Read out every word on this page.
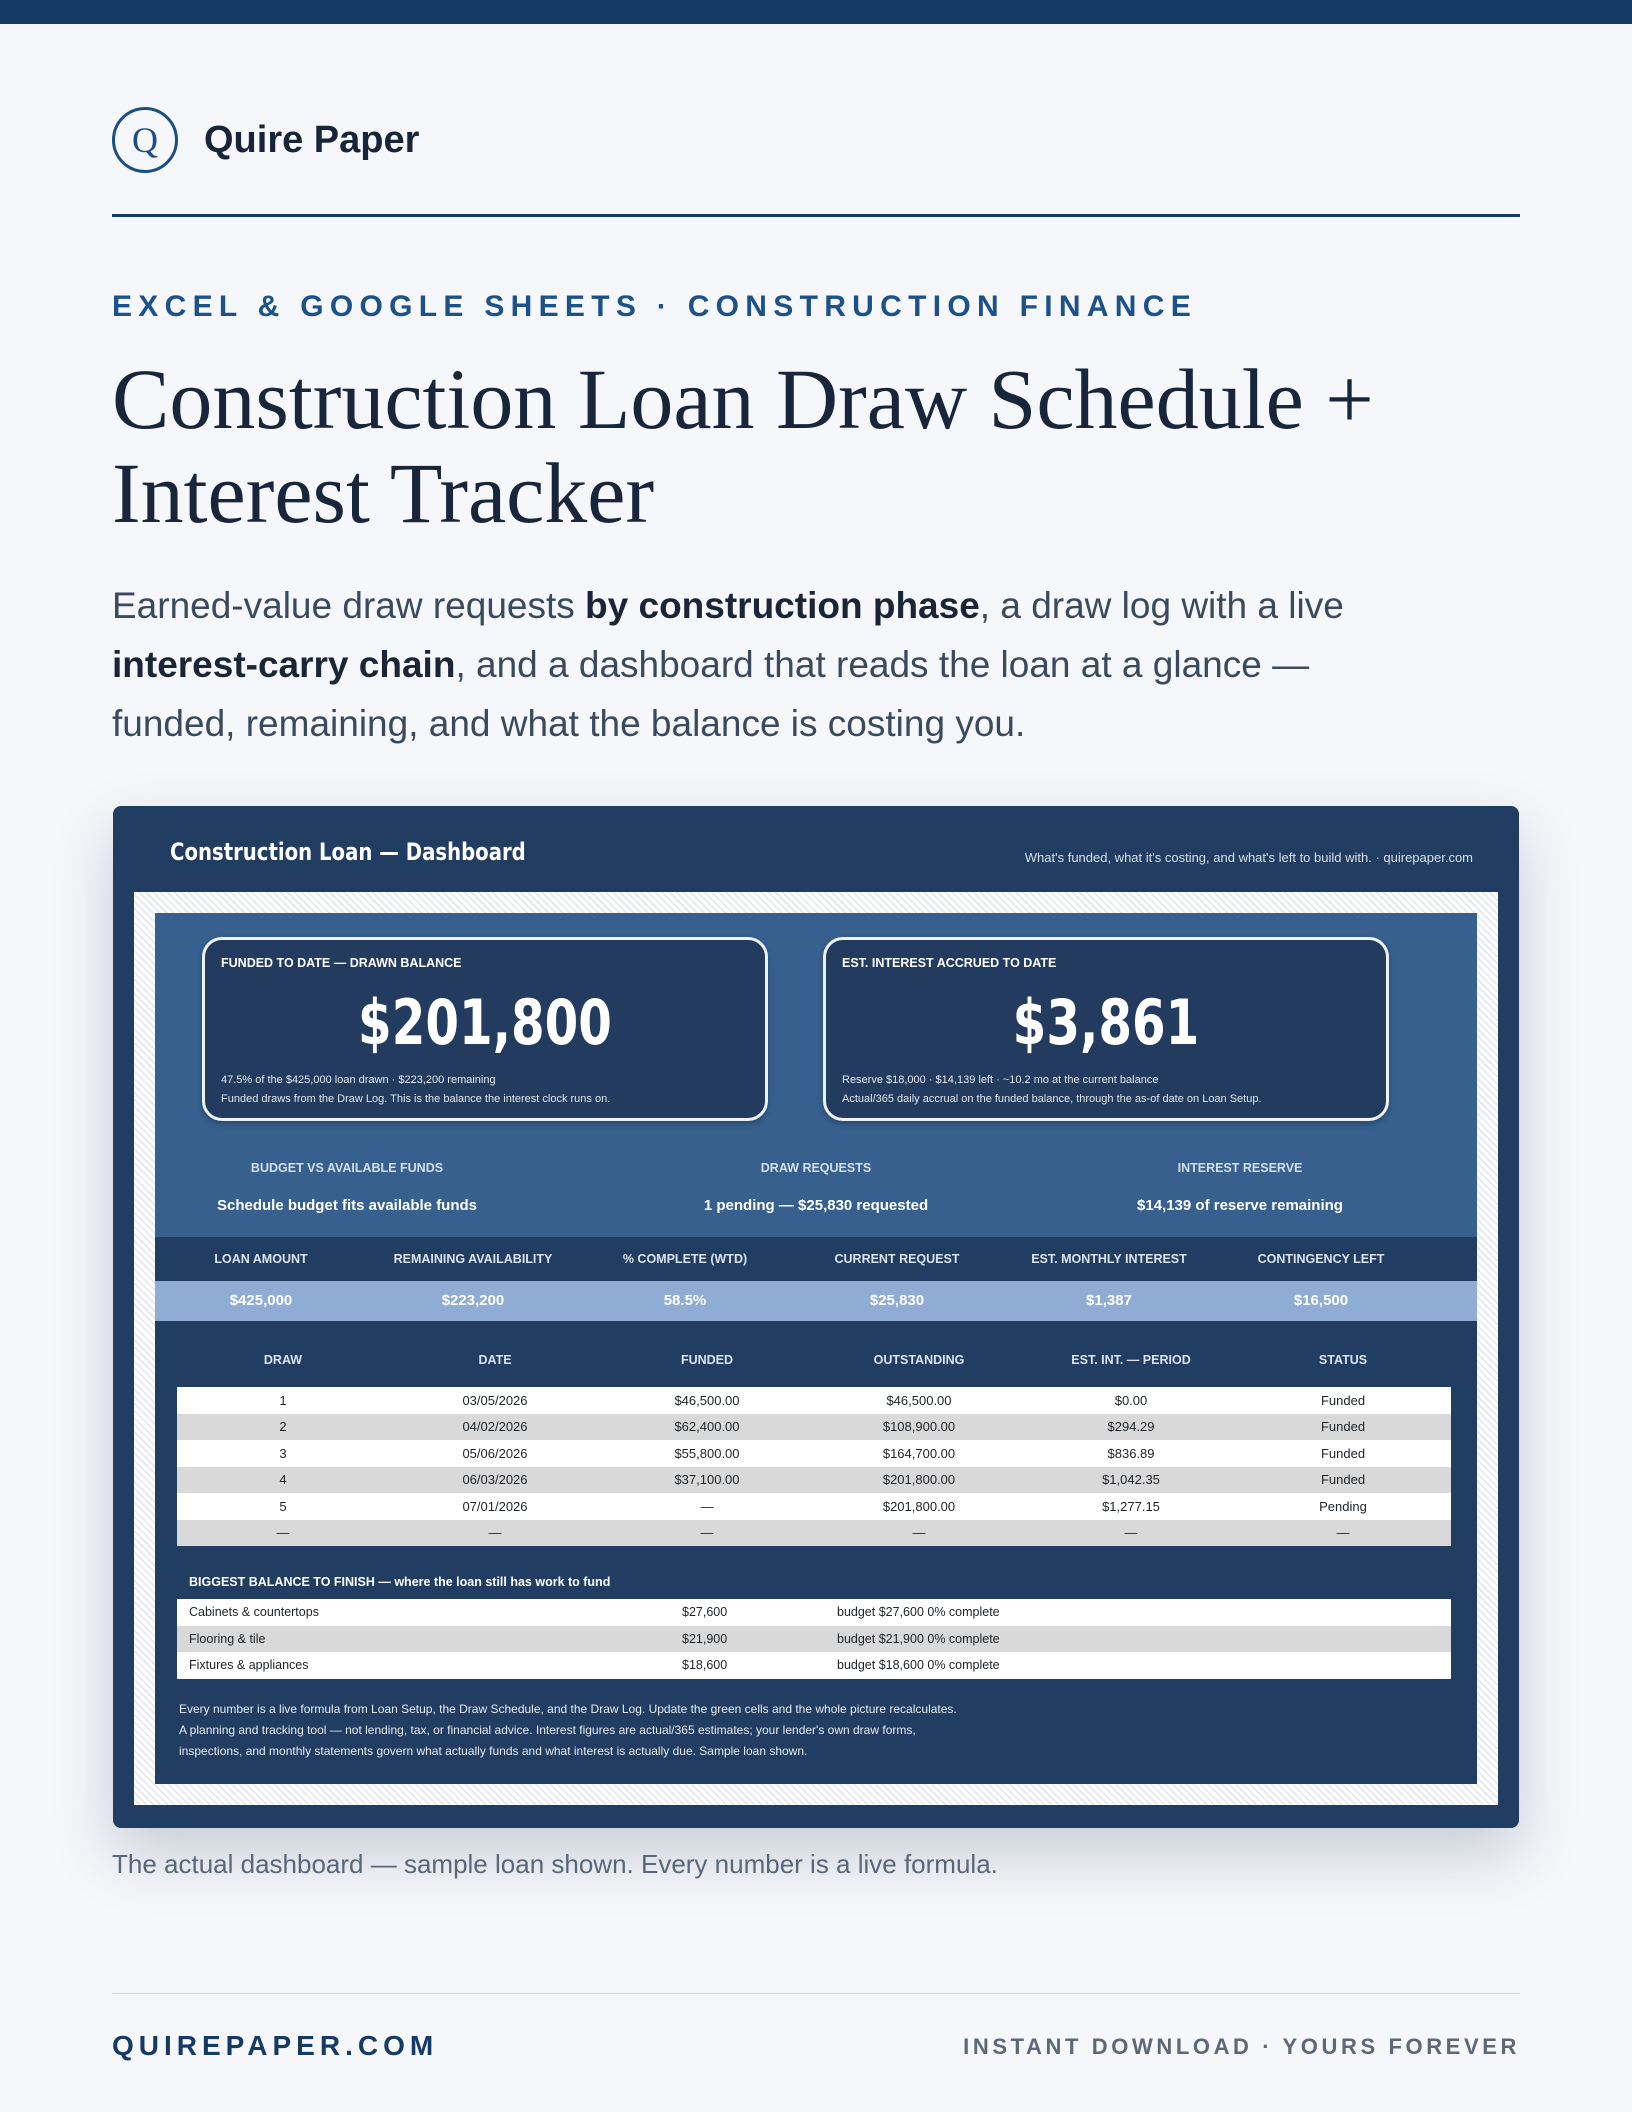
Q	Quire Paper
EXCEL & GOOGLE SHEETS · CONSTRUCTION FINANCE
Construction Loan Draw Schedule +
Interest Tracker
Earned-value draw requests by construction phase, a draw log with a live interest-carry chain, and a dashboard that reads the loan at a glance — funded, remaining, and what the balance is costing you.
Construction Loan — Dashboard	What's funded, what it's costing, and what's left to build with. · quirepaper.com
FUNDED TO DATE — DRAWN BALANCE
$201,800
47.5% of the $425,000 loan drawn · $223,200 remaining
Funded draws from the Draw Log. This is the balance the interest clock runs on.
EST. INTEREST ACCRUED TO DATE
$3,861
Reserve $18,000 · $14,139 left · ~10.2 mo at the current balance
Actual/365 daily accrual on the funded balance, through the as-of date on Loan Setup.
BUDGET VS AVAILABLE FUNDS
Schedule budget fits available funds
DRAW REQUESTS
1 pending — $25,830 requested
INTEREST RESERVE
$14,139 of reserve remaining
LOAN AMOUNT	REMAINING AVAILABILITY	% COMPLETE (WTD)	CURRENT REQUEST	EST. MONTHLY INTEREST	CONTINGENCY LEFT
$425,000	$223,200	58.5%	$25,830	$1,387	$16,500
DRAW	DATE	FUNDED	OUTSTANDING	EST. INT. — PERIOD	STATUS
1	03/05/2026	$46,500.00	$46,500.00	$0.00	Funded
2	04/02/2026	$62,400.00	$108,900.00	$294.29	Funded
3	05/06/2026	$55,800.00	$164,700.00	$836.89	Funded
4	06/03/2026	$37,100.00	$201,800.00	$1,042.35	Funded
5	07/01/2026	—	$201,800.00	$1,277.15	Pending
—	—	—	—	—	—
BIGGEST BALANCE TO FINISH — where the loan still has work to fund
Cabinets & countertops	$27,600	budget $27,600 0% complete
Flooring & tile	$21,900	budget $21,900 0% complete
Fixtures & appliances	$18,600	budget $18,600 0% complete
Every number is a live formula from Loan Setup, the Draw Schedule, and the Draw Log. Update the green cells and the whole picture recalculates.
A planning and tracking tool — not lending, tax, or financial advice. Interest figures are actual/365 estimates; your lender's own draw forms,
inspections, and monthly statements govern what actually funds and what interest is actually due. Sample loan shown.
The actual dashboard — sample loan shown. Every number is a live formula.
QUIREPAPER.COM	INSTANT DOWNLOAD · YOURS FOREVER
